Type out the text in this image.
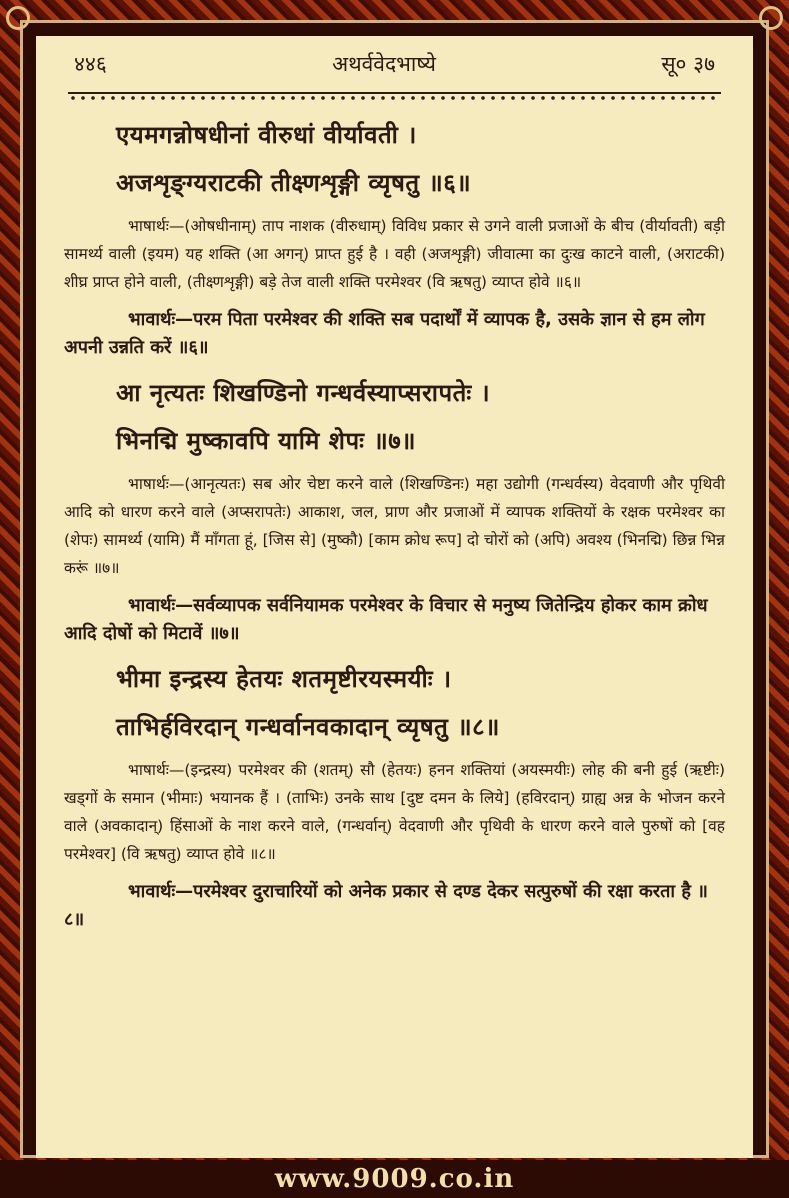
४४६	अथर्ववेदभाष्ये	सू० ३७
एयमगन्नोषधीनां वीरुधां वीर्यावती ।
अजशृङ्ग्यराटकी तीक्ष्णशृङ्गी व्यृषतु ॥६॥
भाषार्थः—(ओषधीनाम्) ताप नाशक (वीरुधाम्) विविध प्रकार से उगने वाली प्रजाओं के बीच (वीर्यावती) बड़ी सामर्थ्य वाली (इयम) यह शक्ति (आ अगन्) प्राप्त हुई है । वही (अजशृङ्गी) जीवात्मा का दुःख काटने वाली, (अराटकी) शीघ्र प्राप्त होने वाली, (तीक्ष्णशृङ्गी) बड़े तेज वाली शक्ति परमेश्वर (वि ऋषतु) व्याप्त होवे ॥६॥
भावार्थः—परम पिता परमेश्वर की शक्ति सब पदार्थों में व्यापक है, उसके ज्ञान से हम लोग अपनी उन्नति करें ॥६॥
आ नृत्यतः शिखण्डिनो गन्धर्वस्याप्सरापतेः ।
भिनद्मि मुष्कावपि यामि शेपः ॥७॥
भाषार्थः—(आनृत्यतः) सब ओर चेष्टा करने वाले (शिखण्डिनः) महा उद्योगी (गन्धर्वस्य) वेदवाणी और पृथिवी आदि को धारण करने वाले (अप्सरापतेः) आकाश, जल, प्राण और प्रजाओं में व्यापक शक्तियों के रक्षक परमेश्वर का (शेपः) सामर्थ्य (यामि) मैं माँगता हूं, [जिस से] (मुष्कौ) [काम क्रोध रूप] दो चोरों को (अपि) अवश्य (भिनद्मि) छिन्न भिन्न करूं ॥७॥
भावार्थः—सर्वव्यापक सर्वनियामक परमेश्वर के विचार से मनुष्य जितेन्द्रिय होकर काम क्रोध आदि दोषों को मिटावें ॥७॥
भीमा इन्द्रस्य हेतयः शतमृष्टीरयस्मयीः ।
ताभिर्हविरदान् गन्धर्वानवकादान् व्यृषतु ॥८॥
भाषार्थः—(इन्द्रस्य) परमेश्वर की (शतम्) सौ (हेतयः) हनन शक्तियां (अयस्मयीः) लोह की बनी हुई (ऋष्टीः) खड्गों के समान (भीमाः) भयानक हैं । (ताभिः) उनके साथ [दुष्ट दमन के लिये] (हविरदान्) ग्राह्य अन्न के भोजन करने वाले (अवकादान्) हिंसाओं के नाश करने वाले, (गन्धर्वान्) वेदवाणी और पृथिवी के धारण करने वाले पुरुषों को [वह परमेश्वर] (वि ऋषतु) व्याप्त होवे ॥८॥
भावार्थः—परमेश्वर दुराचारियों को अनेक प्रकार से दण्ड देकर सत्पुरुषों की रक्षा करता है ॥८॥
www.9009.co.in
